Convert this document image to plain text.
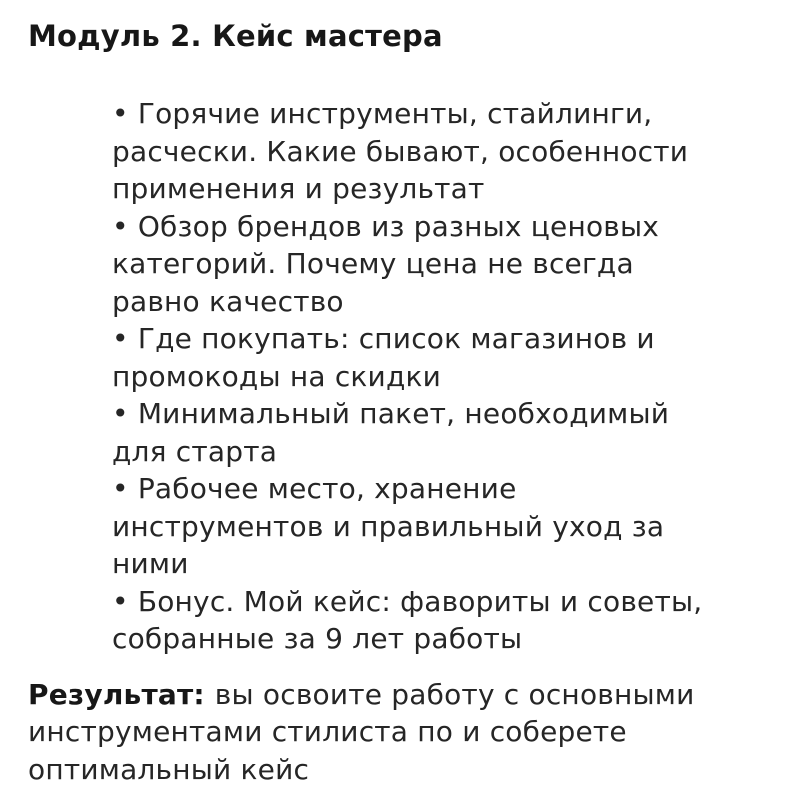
Модуль 2. Кейс мастера
• Горячие инструменты, стайлинги,
расчески. Какие бывают, особенности
применения и результат
• Обзор брендов из разных ценовых
категорий. Почему цена не всегда
равно качество
• Где покупать: список магазинов и
промокоды на скидки
• Минимальный пакет, необходимый
для старта
• Рабочее место, хранение
инструментов и правильный уход за
ними
• Бонус. Мой кейс: фавориты и советы,
собранные за 9 лет работы
Результат: вы освоите работу с основными
инструментами стилиста по и соберете
оптимальный кейс
